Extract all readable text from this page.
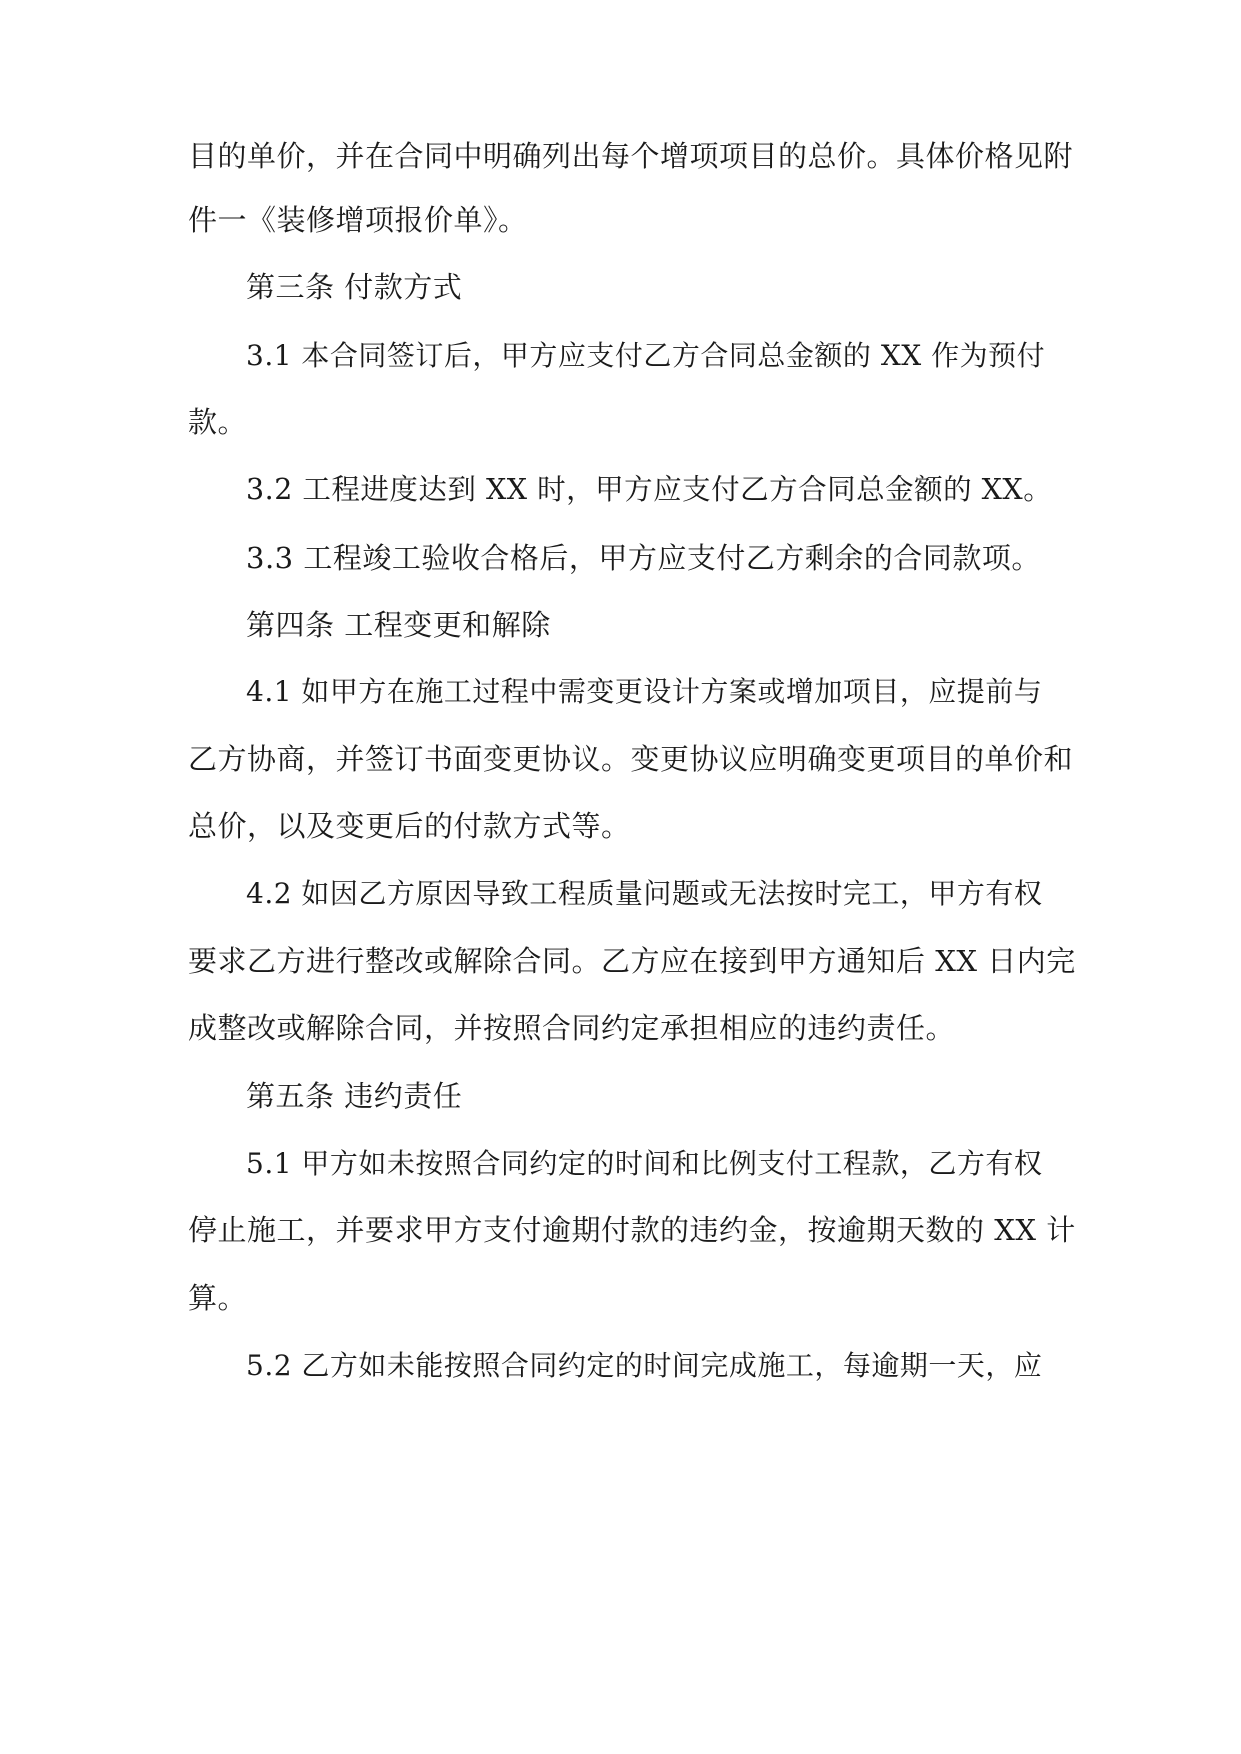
目的单价，并在合同中明确列出每个增项项目的总价。具体价格见附
件一《装修增项报价单》。
第三条 付款方式
3.1 本合同签订后，甲方应支付乙方合同总金额的 XX 作为预付
款。
3.2 工程进度达到 XX 时，甲方应支付乙方合同总金额的 XX。
3.3 工程竣工验收合格后，甲方应支付乙方剩余的合同款项。
第四条 工程变更和解除
4.1 如甲方在施工过程中需变更设计方案或增加项目，应提前与
乙方协商，并签订书面变更协议。变更协议应明确变更项目的单价和
总价，以及变更后的付款方式等。
4.2 如因乙方原因导致工程质量问题或无法按时完工，甲方有权
要求乙方进行整改或解除合同。乙方应在接到甲方通知后 XX 日内完
成整改或解除合同，并按照合同约定承担相应的违约责任。
第五条 违约责任
5.1 甲方如未按照合同约定的时间和比例支付工程款，乙方有权
停止施工，并要求甲方支付逾期付款的违约金，按逾期天数的 XX 计
算。
5.2 乙方如未能按照合同约定的时间完成施工，每逾期一天，应
